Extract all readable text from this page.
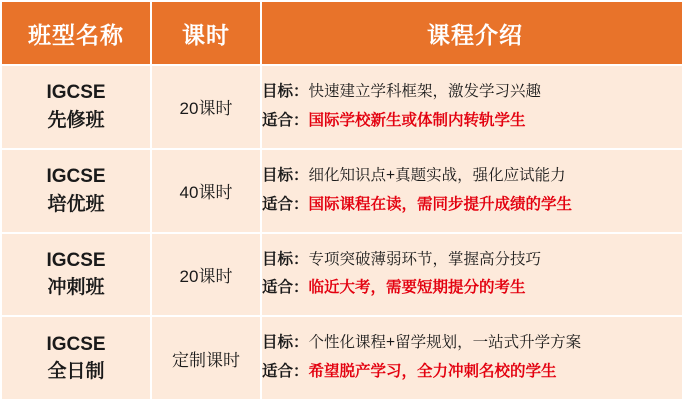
班型名称	课时	课程介绍

IGCSE
先修班	20课时	目标：快速建立学科框架，激发学习兴趣
适合：国际学校新生或体制内转轨学生

IGCSE
培优班	40课时	目标：细化知识点+真题实战，强化应试能力
适合：国际课程在读，需同步提升成绩的学生

IGCSE
冲刺班	20课时	目标：专项突破薄弱环节，掌握高分技巧
适合：临近大考，需要短期提分的考生

IGCSE
全日制	定制课时	目标：个性化课程+留学规划，一站式升学方案
适合：希望脱产学习，全力冲刺名校的学生
